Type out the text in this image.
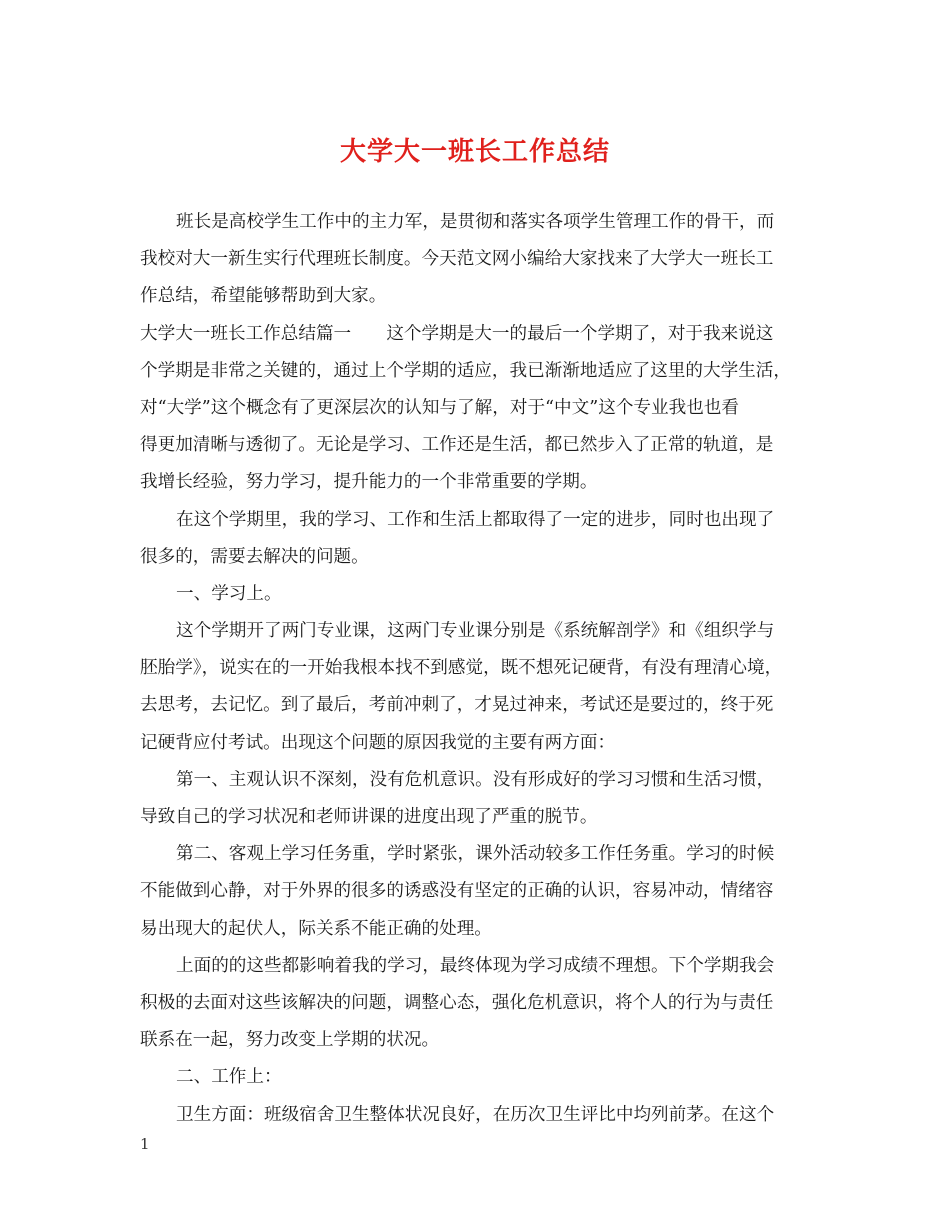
大学大一班长工作总结
班长是高校学生工作中的主力军，是贯彻和落实各项学生管理工作的骨干，而
我校对大一新生实行代理班长制度。今天范文网小编给大家找来了大学大一班长工
作总结，希望能够帮助到大家。
大学大一班长工作总结篇一　　这个学期是大一的最后一个学期了，对于我来说这
个学期是非常之关键的，通过上个学期的适应，我已渐渐地适应了这里的大学生活，
对“大学”这个概念有了更深层次的认知与了解，对于“中文”这个专业我也也看
得更加清晰与透彻了。无论是学习、工作还是生活，都已然步入了正常的轨道，是
我增长经验，努力学习，提升能力的一个非常重要的学期。
在这个学期里，我的学习、工作和生活上都取得了一定的进步，同时也出现了
很多的，需要去解决的问题。
一、学习上。
这个学期开了两门专业课，这两门专业课分别是《系统解剖学》和《组织学与
胚胎学》，说实在的一开始我根本找不到感觉，既不想死记硬背，有没有理清心境，
去思考，去记忆。到了最后，考前冲刺了，才晃过神来，考试还是要过的，终于死
记硬背应付考试。出现这个问题的原因我觉的主要有两方面：
第一、主观认识不深刻，没有危机意识。没有形成好的学习习惯和生活习惯，
导致自己的学习状况和老师讲课的进度出现了严重的脱节。
第二、客观上学习任务重，学时紧张，课外活动较多工作任务重。学习的时候
不能做到心静，对于外界的很多的诱惑没有坚定的正确的认识，容易冲动，情绪容
易出现大的起伏人，际关系不能正确的处理。
上面的的这些都影响着我的学习，最终体现为学习成绩不理想。下个学期我会
积极的去面对这些该解决的问题，调整心态，强化危机意识，将个人的行为与责任
联系在一起，努力改变上学期的状况。
二、工作上：
卫生方面：班级宿舍卫生整体状况良好，在历次卫生评比中均列前茅。在这个
1
